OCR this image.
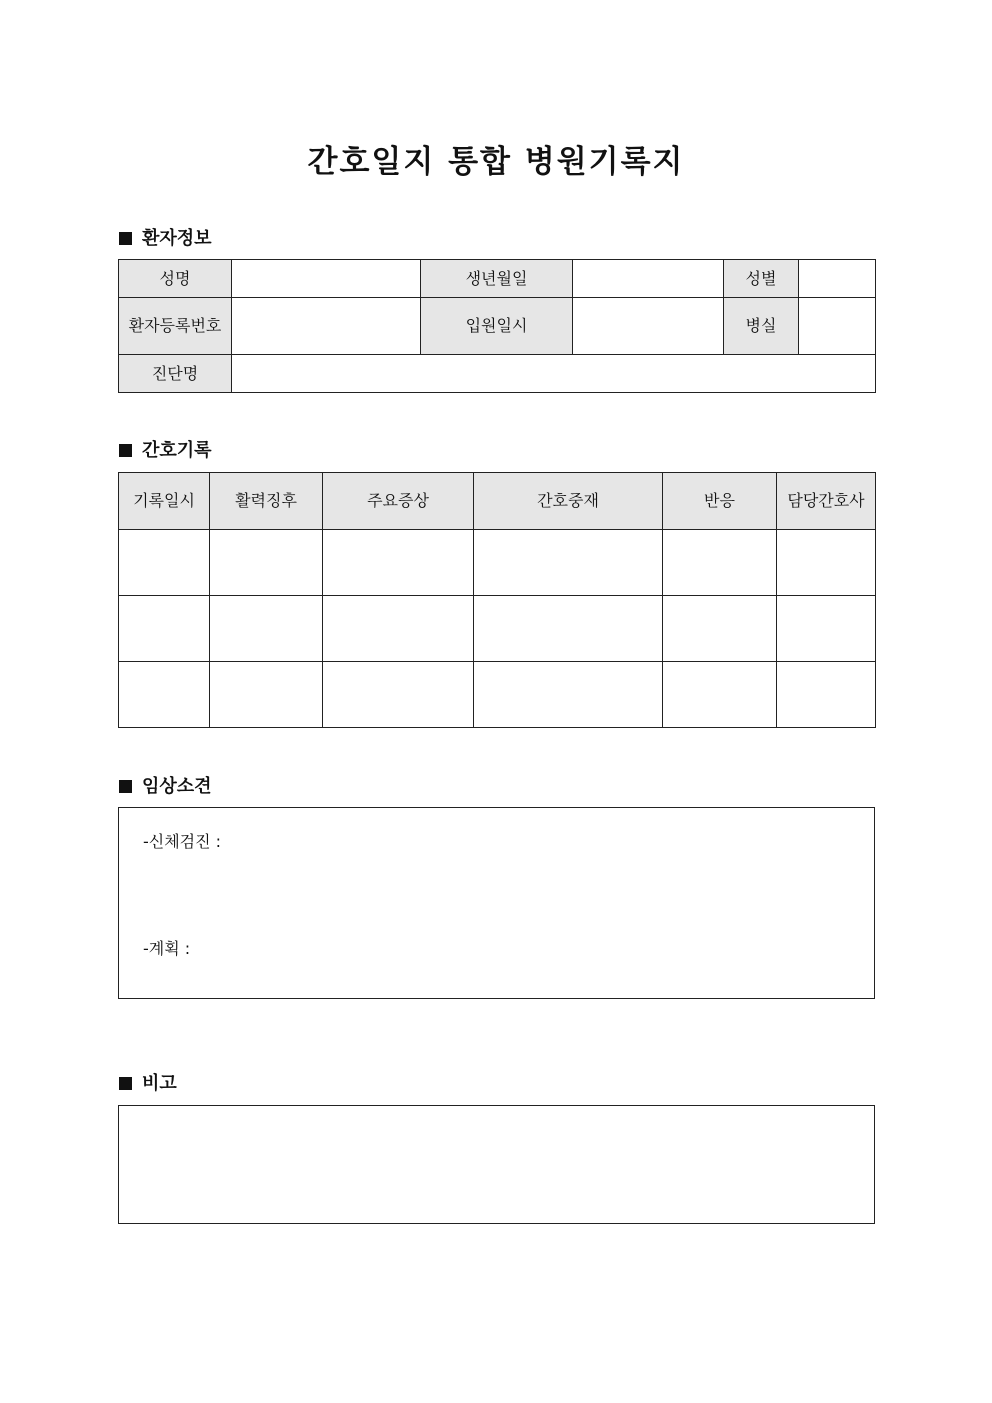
간호일지 통합 병원기록지
환자정보
성명		생년월일		성별	
환자등록번호		입원일시		병실	
진단명					
간호기록
기록일시	활력징후	주요증상	간호중재	반응	담당간호사

임상소견
-신체검진 :
-계획 :
비고
